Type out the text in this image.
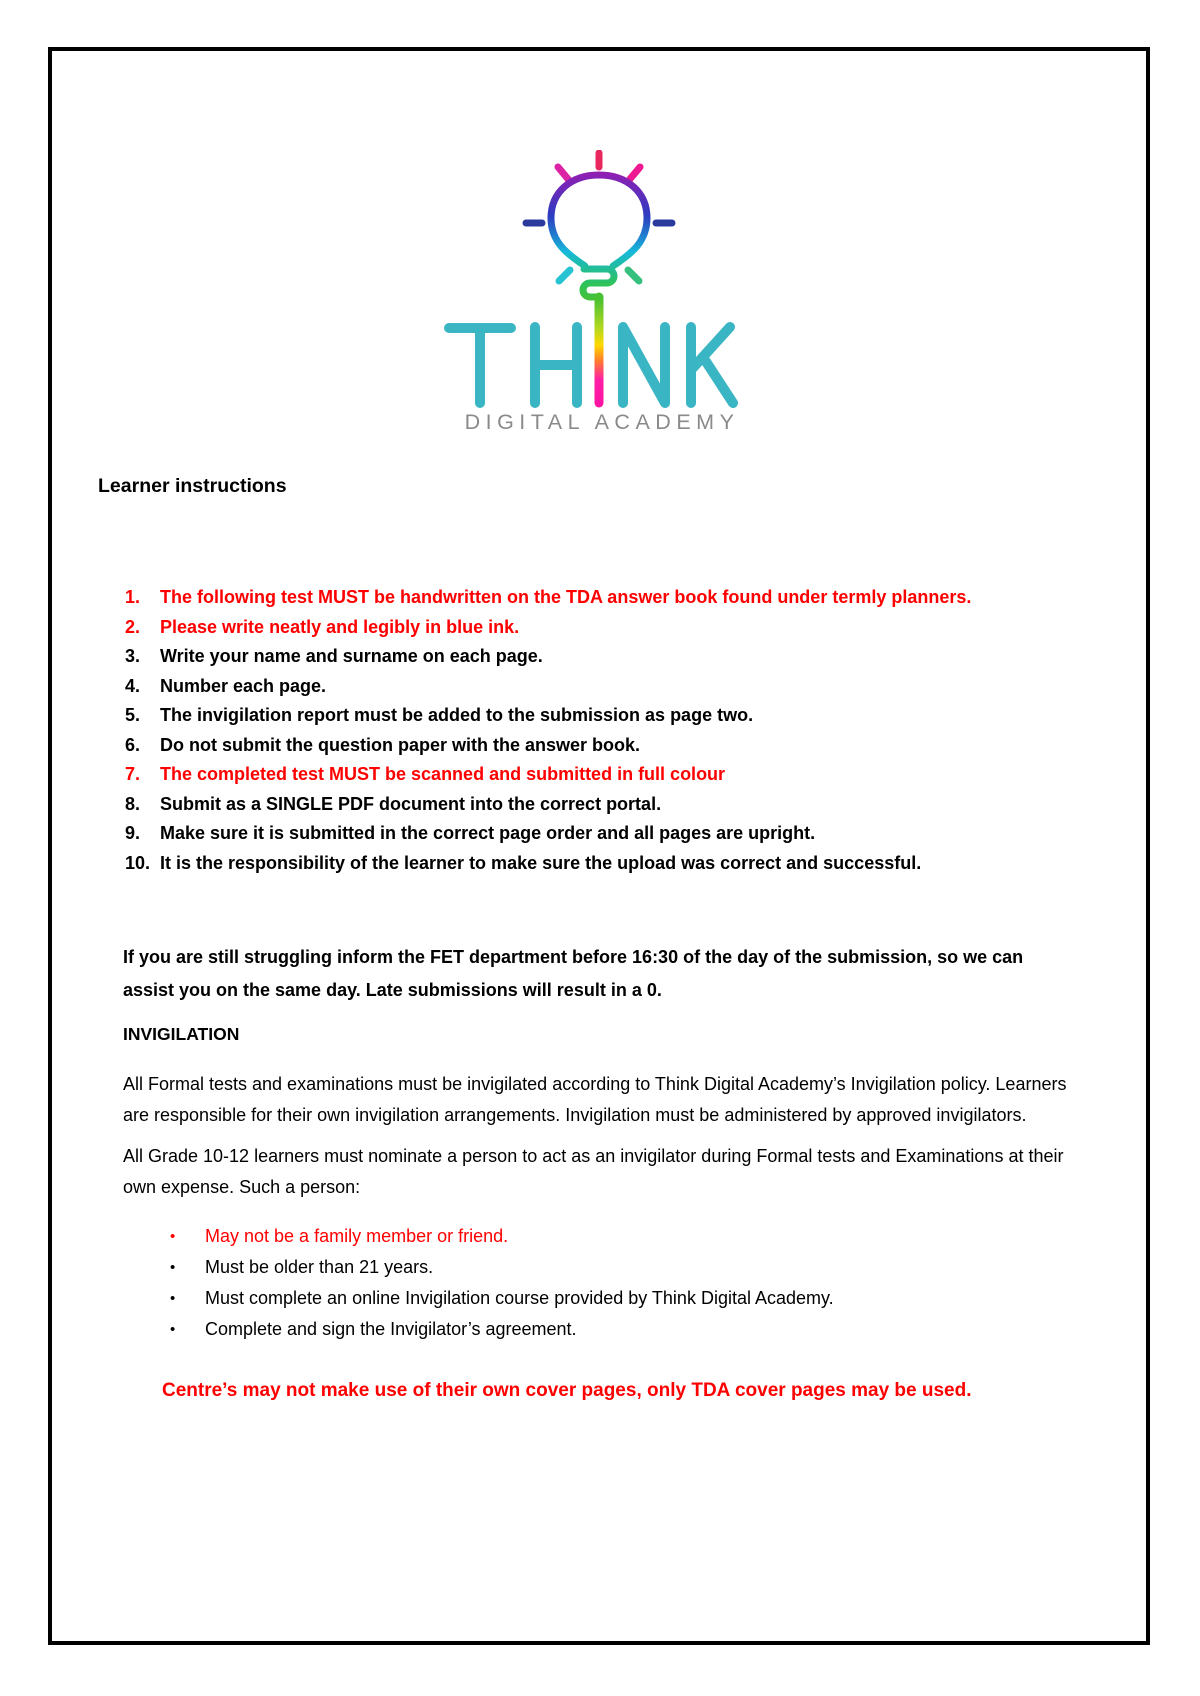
DIGITAL ACADEMY
Learner instructions
1.	The following test MUST be handwritten on the TDA answer book found under termly planners.
2.	Please write neatly and legibly in blue ink.
3.	Write your name and surname on each page.
4.	Number each page.
5.	The invigilation report must be added to the submission as page two.
6.	Do not submit the question paper with the answer book.
7.	The completed test MUST be scanned and submitted in full colour
8.	Submit as a SINGLE PDF document into the correct portal.
9.	Make sure it is submitted in the correct page order and all pages are upright.
10. It is the responsibility of the learner to make sure the upload was correct and successful.

If you are still struggling inform the FET department before 16:30 of the day of the submission, so we can assist you on the same day. Late submissions will result in a 0.

INVIGILATION

All Formal tests and examinations must be invigilated according to Think Digital Academy’s Invigilation policy. Learners are responsible for their own invigilation arrangements. Invigilation must be administered by approved invigilators.

All Grade 10-12 learners must nominate a person to act as an invigilator during Formal tests and Examinations at their own expense. Such a person:

•	May not be a family member or friend.
•	Must be older than 21 years.
•	Must complete an online Invigilation course provided by Think Digital Academy.
•	Complete and sign the Invigilator’s agreement.

Centre’s may not make use of their own cover pages, only TDA cover pages may be used.
